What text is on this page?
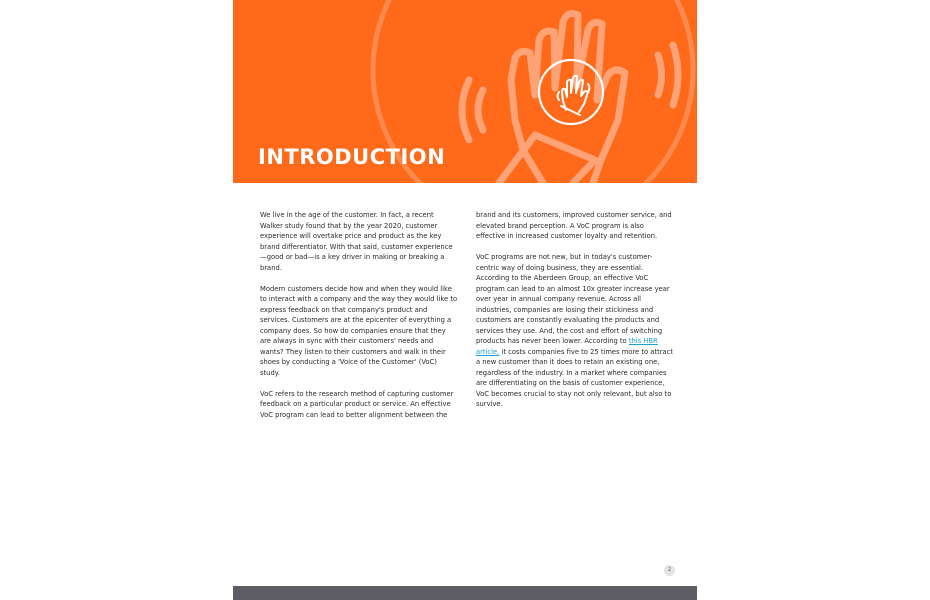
INTRODUCTION

We live in the age of the customer. In fact, a recent Walker study found that by the year 2020, customer experience will overtake price and product as the key brand differentiator. With that said, customer experience—good or bad—is a key driver in making or breaking a brand.

Modern customers decide how and when they would like to interact with a company and the way they would like to express feedback on that company's product and services. Customers are at the epicenter of everything a company does. So how do companies ensure that they are always in sync with their customers' needs and wants? They listen to their customers and walk in their shoes by conducting a 'Voice of the Customer' (VoC) study.

VoC refers to the research method of capturing customer feedback on a particular product or service. An effective VoC program can lead to better alignment between the

brand and its customers, improved customer service, and elevated brand perception. A VoC program is also effective in increased customer loyalty and retention.

VoC programs are not new, but in today's customer-centric way of doing business, they are essential. According to the Aberdeen Group, an effective VoC program can lead to an almost 10x greater increase year over year in annual company revenue. Across all industries, companies are losing their stickiness and customers are constantly evaluating the products and services they use. And, the cost and effort of switching products has never been lower. According to this HBR article, it costs companies five to 25 times more to attract a new customer than it does to retain an existing one, regardless of the industry. In a market where companies are differentiating on the basis of customer experience, VoC becomes crucial to stay not only relevant, but also to survive.

2
